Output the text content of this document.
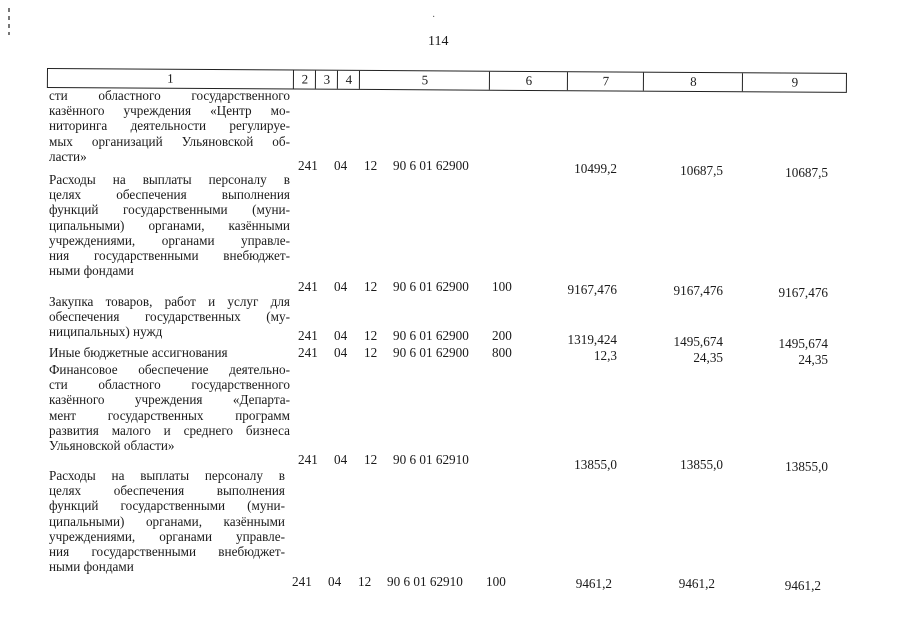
·
114
1	2	3	4	5	6	7	8	9
сти областного государственного
казённого учреждения «Центр мо-
ниторинга деятельности регулируе-
мых организаций Ульяновской об-
ласти»
241 04 12 90 6 01 62900	10499,2	10687,5	10687,5
Расходы на выплаты персоналу в
целях обеспечения выполнения
функций государственными (муни-
ципальными) органами, казёнными
учреждениями, органами управле-
ния государственными внебюджет-
ными фондами
241 04 12 90 6 01 62900 100	9167,476	9167,476	9167,476
Закупка товаров, работ и услуг для
обеспечения государственных (му-
ниципальных) нужд	241 04 12 90 6 01 62900 200	1319,424	1495,674	1495,674
Иные бюджетные ассигнования	241 04 12 90 6 01 62900 800	12,3	24,35	24,35
Финансовое обеспечение деятельно-
сти областного государственного
казённого учреждения «Департа-
мент государственных программ
развития малого и среднего бизнеса
Ульяновской области»
241 04 12 90 6 01 62910	13855,0	13855,0	13855,0
Расходы на выплаты персоналу в
целях обеспечения выполнения
функций государственными (муни-
ципальными) органами, казёнными
учреждениями, органами управле-
ния государственными внебюджет-
ными фондами
241 04 12 90 6 01 62910 100	9461,2	9461,2	9461,2
